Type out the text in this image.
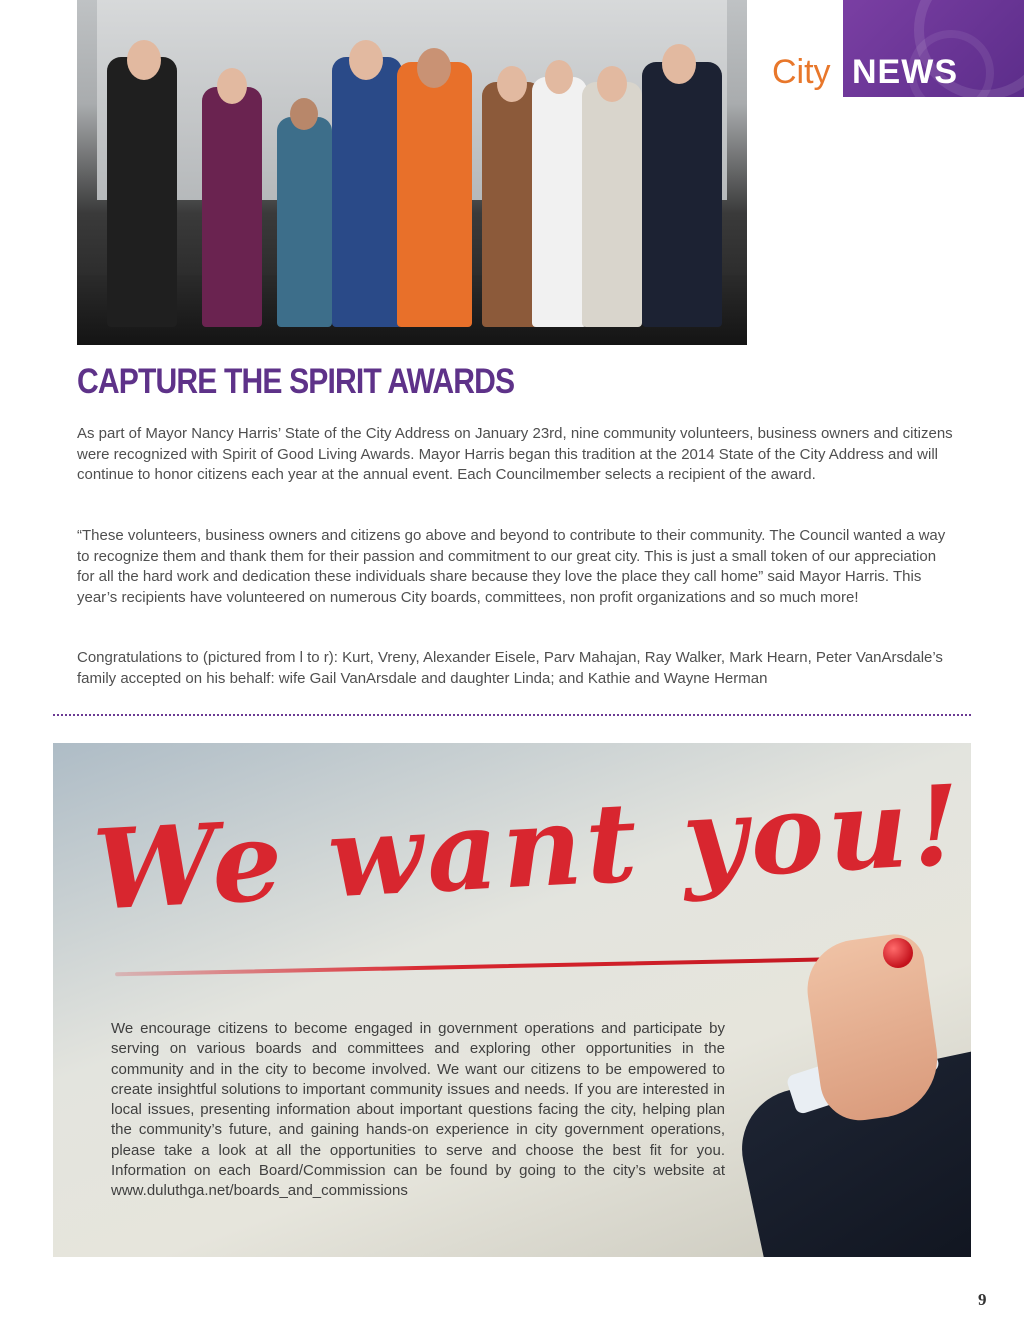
City NEWS
CAPTURE THE SPIRIT AWARDS

As part of Mayor Nancy Harris’ State of the City Address on January 23rd, nine community volunteers, business owners and citizens were recognized with Spirit of Good Living Awards. Mayor Harris began this tradition at the 2014 State of the City Address and will continue to honor citizens each year at the annual event. Each Councilmember selects a recipient of the award.

“These volunteers, business owners and citizens go above and beyond to contribute to their community. The Council wanted a way to recognize them and thank them for their passion and commitment to our great city. This is just a small token of our appreciation for all the hard work and dedication these individuals share because they love the place they call home” said Mayor Harris. This year’s recipients have volunteered on numerous City boards, committees, non profit organizations and so much more!

Congratulations to (pictured from l to r): Kurt, Vreny, Alexander Eisele, Parv Mahajan, Ray Walker, Mark Hearn, Peter VanArsdale’s family accepted on his behalf: wife Gail VanArsdale and daughter Linda; and Kathie and Wayne Herman

We want you!

We encourage citizens to become engaged in government operations and participate by serving on various boards and committees and exploring other opportunities in the community and in the city to become involved. We want our citizens to be empowered to create insightful solutions to important community issues and needs. If you are interested in local issues, presenting information about important questions facing the city, helping plan the community’s future, and gaining hands-on experience in city government operations, please take a look at all the opportunities to serve and choose the best fit for you. Information on each Board/Commission can be found by going to the city’s website at www.duluthga.net/boards_and_commissions

9
